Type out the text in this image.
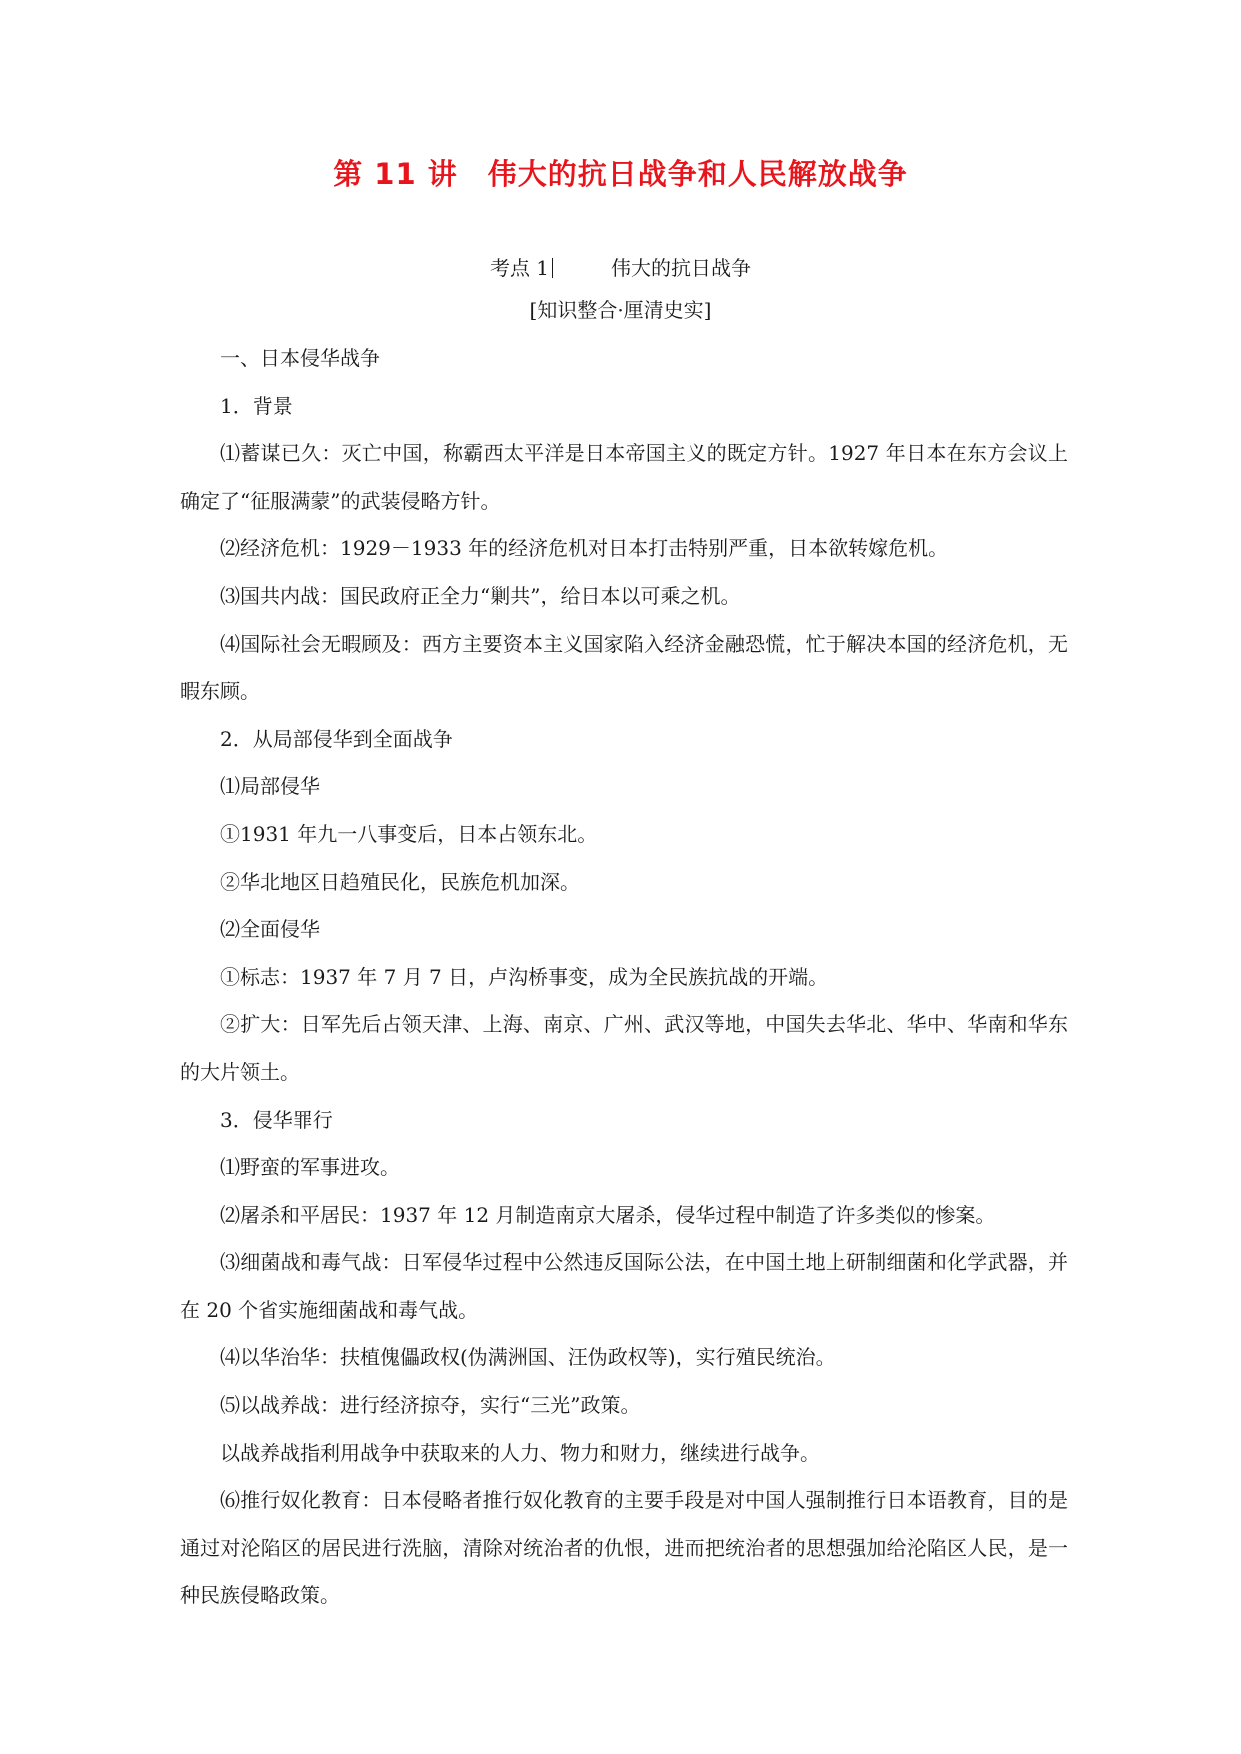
第 11 讲 伟大的抗日战争和人民解放战争
考点 1	伟大的抗日战争
[知识整合·厘清史实]

一、日本侵华战争

1．背景

⑴蓄谋已久：灭亡中国，称霸西太平洋是日本帝国主义的既定方针。1927 年日本在东方会议上确定了“征服满蒙”的武装侵略方针。

⑵经济危机：1929－1933 年的经济危机对日本打击特别严重，日本欲转嫁危机。

⑶国共内战：国民政府正全力“剿共”，给日本以可乘之机。

⑷国际社会无暇顾及：西方主要资本主义国家陷入经济金融恐慌，忙于解决本国的经济危机，无暇东顾。

2．从局部侵华到全面战争

⑴局部侵华

①1931 年九一八事变后，日本占领东北。

②华北地区日趋殖民化，民族危机加深。

⑵全面侵华

①标志：1937 年 7 月 7 日，卢沟桥事变，成为全民族抗战的开端。

②扩大：日军先后占领天津、上海、南京、广州、武汉等地，中国失去华北、华中、华南和华东的大片领土。

3．侵华罪行

⑴野蛮的军事进攻。

⑵屠杀和平居民：1937 年 12 月制造南京大屠杀，侵华过程中制造了许多类似的惨案。

⑶细菌战和毒气战：日军侵华过程中公然违反国际公法，在中国土地上研制细菌和化学武器，并在 20 个省实施细菌战和毒气战。

⑷以华治华：扶植傀儡政权(伪满洲国、汪伪政权等)，实行殖民统治。

⑸以战养战：进行经济掠夺，实行“三光”政策。

以战养战指利用战争中获取来的人力、物力和财力，继续进行战争。

⑹推行奴化教育：日本侵略者推行奴化教育的主要手段是对中国人强制推行日本语教育，目的是通过对沦陷区的居民进行洗脑，清除对统治者的仇恨，进而把统治者的思想强加给沦陷区人民，是一种民族侵略政策。
